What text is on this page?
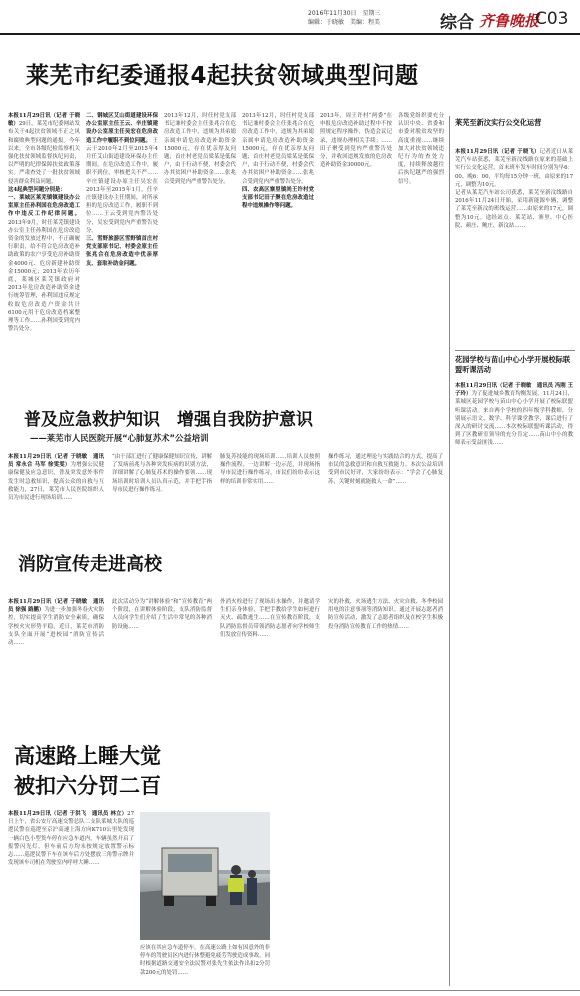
2016年11月30日　星期三
编辑：于晓敏　美编：程美	综合 齐鲁晚报
C03
莱芜市纪委通报4起扶贫领域典型问题
本报11月29日讯（记者 于晓敏）29日，莱芜市纪委网站发布关于4起扶贫领域不正之风和腐败典型问题的通报。今年以来，全市各级纪检监察机关强化扶贫领域监督执纪问责，以严明的纪律保障扶贫政策落实。严肃查处了一批扶贫领域侵害群众利益问题。
这4起典型问题分别是：
一、莱城区莱芜镇镇建设办公室原主任孙利国在危房改造工作中违反工作纪律问题。 2013年9月，时任莱芜镇建设办公室主任孙利国在危房改造资金的发放过程中，不正确履行职责，给不符合危房改造补助政策的农户享受危房补助资金4000元、危房新建补助资金15000元；2013年农历年底，莱城区莱芜镇政府对2013年危房改造补助资金进行统筹管理，孙利国违反规定收取危房改造户资金共计6100元用于危房改造档案整理等工作……孙利国受到党内警告处分。
二、钢城区艾山街道建设环保办公室原主任王云、辛庄镇建设办公室原主任吴宏在危房改造工作中履职不到位问题。 王云于2010年2月至2015年4月任艾山街道建设环保办主任期间，在危房改造工作中，履职不到位，审核把关不严……辛庄镇建设办原主任吴宏在2013年至2015年1月，任辛庄镇建设办主任期间，对所承担的危房改造工作，履职不到位……王云受到党内警告处分，吴宏受到党内严重警告处分。
三、雪野旅游区雪野镇首庄村党支部原书记、村委会原主任张兆合在危房改造中优亲厚友、套取补助金问题。
2013年12月，时任村党支部书记兼村委会主任张兆合在危房改造工作中，违规为其弟媳亲属申请危房改造补助资金15000元，存在优亲厚友问题；首庄村老党员梁某是低保户，由于行动不便，村委会代办其贫困户补助资金……张兆合受到党内严重警告处分。
2013年12月，时任村党支部书记兼村委会主任张兆合在危房改造工作中，违规为其弟媳亲属申请危房改造补助资金15000元，存在优亲厚友问题；首庄村老党员梁某是低保户，由于行动不便，村委会代办其贫困户补助资金……张兆合受到党内严重警告处分。
四、农高区寨里镇尚王许村党支部书记田子聚在危房改造过程中违规操作等问题。
2013年，周王许村“两委”在申报危房改造补助过程中不按照规定程序操作，伪造会议记录，违规办理相关手续；……田子聚受到党内严重警告处分，并收回违规发放的危房改造补助资金30000元。
各级党组织要充分认识中央、省委和市委对脱贫攻坚的高度重视……继续加大对扶贫领域违纪行为的查处力度，持续释放越往后执纪越严的强烈信号。
莱芜至新汶实行公交化运营
本报11月29日讯（记者 于晓飞）记者近日从莱芜汽车站获悉，莱芜至新汶线路在原来的基础上实行公交化运营，首末班车发车时间分别为早6：00、晚6：00，平均每15分钟一班，由原来的17元，调整为10元。
记者从莱芜汽车站公司获悉，莱芜至新汶线路自2016年11月24日开始，采用新能源车辆，调整了莱芜至新汶的班线运营……由原来的17元，调整为10元。途经站点：莱芜站、寨里、中心医院、颜庄、鲍庄、新汶站……
花园学校与苗山中心小学开展校际联盟听课活动
本报11月29日讯（记者 于晓敏　通讯员 冯刚 王子玲）为了促进城乡教育均衡发展，11月24日，莱城区花园学校与苗山中心小学开展了校际联盟听课活动。来自两个学校的四年级学科教师，分别展示语文、数学、科学课堂教学，课后进行了深入的研讨交流……本次校际联盟听课活动，得到了区教研室领导的充分肯定……苗山中小的教师表示受益匪浅……
普及应急救护知识　增强自我防护意识
——莱芜市人民医院开展“心肺复苏术”公益培训
本报11月29日讯（记者 于晓敏　通讯员 常永合 马军 徐雯雯）为增强公民健康保健及应急意识，普及突发意外事件发生时急救知识，提高公众的自救与互救能力，27日，莱芜市人民医院组织人员为市民进行现场培训……
“由于部汇进行了健康保健知识宣传，讲解了发病前兆与各种突发疾病的识别方法，详细讲解了心肺复苏术的操作要领……现场培训时培训人员认真示范，并手把手指导市民进行操作练习。
肺复苏技能的现场培训……培训人员按照操作流程，一边讲解一边示范，并现场指导市民进行操作练习，市民们纷纷表示这样的培训非常实用……
操作练习，通过理论与实践结合的方式，提高了市民的急救意识和自救互救能力。本次公益培训受到市民好评，大家纷纷表示：“学会了心肺复苏，关键时刻就能救人一命”……
消防宣传走进高校
本报11月29日讯（记者 于晓敏　通讯员 徐强 路鹏）为进一步加强冬春火灾防控，切实提高学生消防安全素质，确保学校火灾形势平稳，近日，莱芜市消防支队全面开展“进校园”消防宣传活动……
此次活动分为“讲解体验”和“宣传教育”两个阶段，在讲解体验阶段，支队消防监督人员向学生们介绍了生活中常见的各种消防设施……
外消火栓进行了现场出水操作，并邀请学生们亲身体验，手把手教给学生如何进行灭火、疏散逃生……在宣传教育阶段，支队消防监督员带领消防志愿者向学校师生们发放宣传资料……
灾的扑救，火场逃生方法、火灾自救、冬季校园用电的注意事项等消防知识。通过开展志愿者消防宣传活动，激发了志愿者组织及在校学生积极投身消防宣传教育工作的热情……
高速路上睡大觉
被扣六分罚二百
本报11月29日讯（记者 于洪飞　通讯员 林立）27日上午，省公安厅高速交警总队二支队莱城大队的巡逻民警在巡逻至京沪高速上海方向K710公里处发现一辆白色小型货车停在应急车道内，车辆虽然开启了报警闪光灯，但车前后方均未按规定放置警示标志……巡逻民警下车在该车后方处摆放三角警示牌并发现该车司机在驾驶室内呼呼大睡……
应该在其应急车道停车，在高速公路上如有因意外的非停车的驾驶员区内进行休整避免疲劳驾驶造成事故，同时根据道路交通安全法民警对张先生依法作出扣2分罚款200元的处罚……
